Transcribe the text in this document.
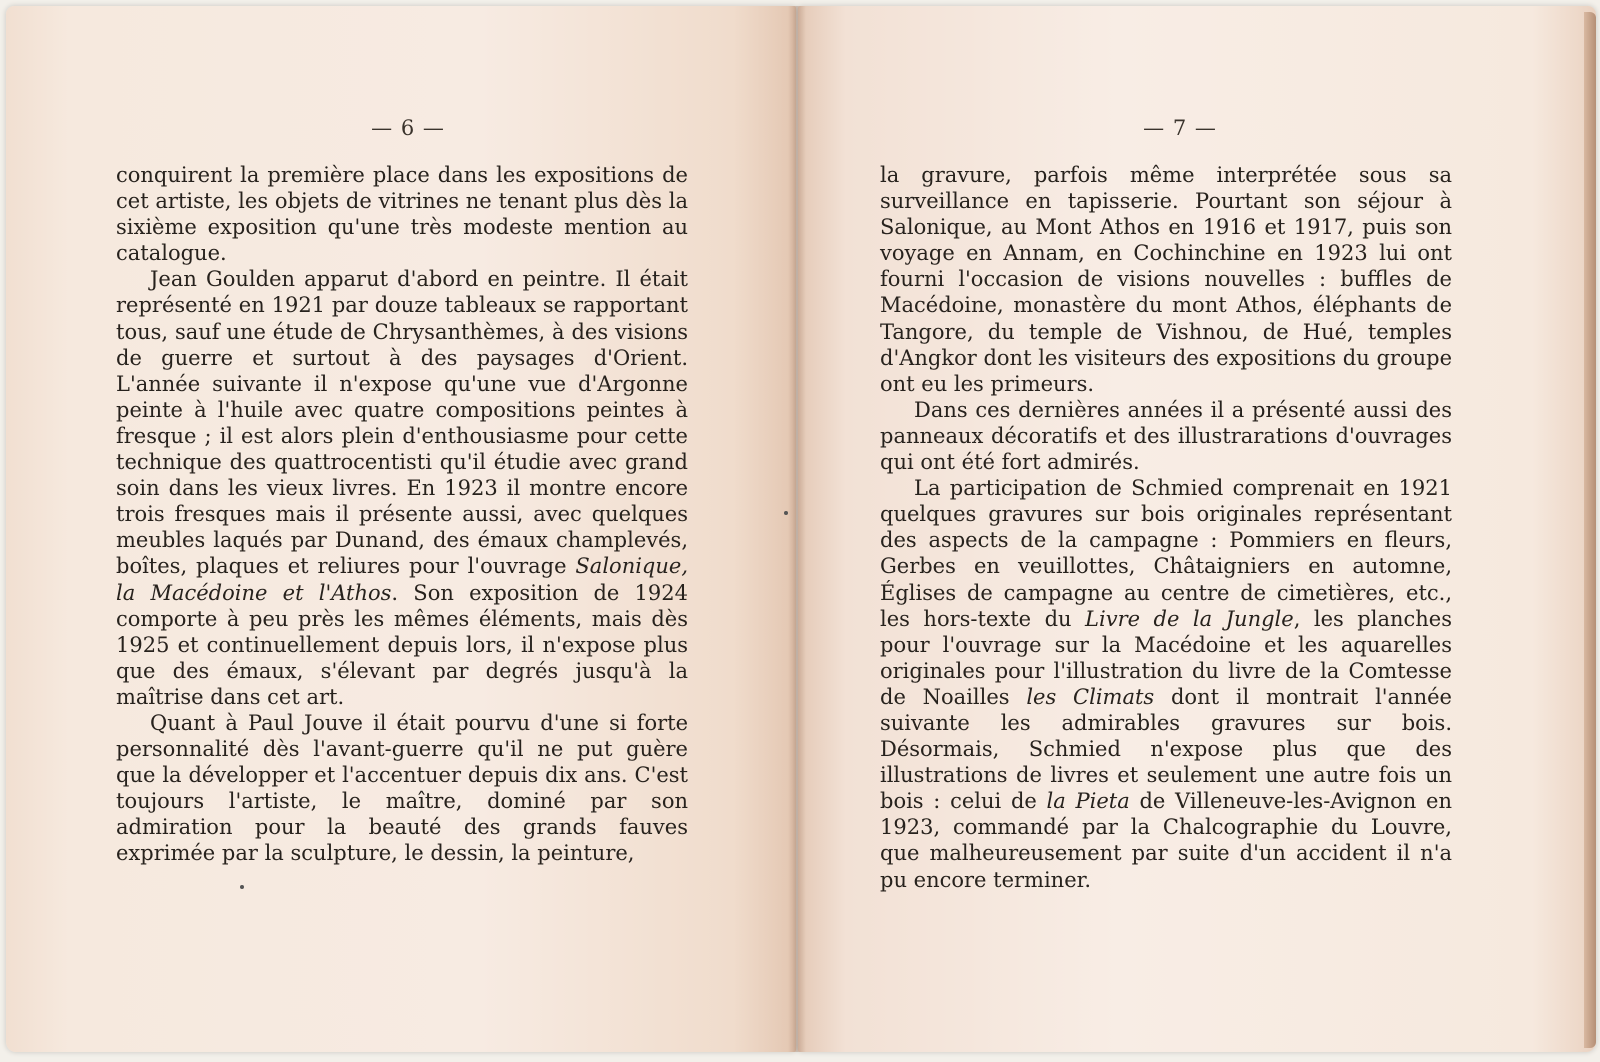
— 6 —	— 7 —

conquirent la première place dans les expositions de cet artiste, les objets de vitrines ne tenant plus dès la sixième exposition qu'une très modeste mention au catalogue.

Jean Goulden apparut d'abord en peintre. Il était représenté en 1921 par douze tableaux se rapportant tous, sauf une étude de Chrysanthèmes, à des visions de guerre et surtout à des paysages d'Orient. L'année suivante il n'expose qu'une vue d'Argonne peinte à l'huile avec quatre compositions peintes à fresque ; il est alors plein d'enthousiasme pour cette technique des quattrocentisti qu'il étudie avec grand soin dans les vieux livres. En 1923 il montre encore trois fresques mais il présente aussi, avec quelques meubles laqués par Dunand, des émaux champlevés, boîtes, plaques et reliures pour l'ouvrage Salonique, la Macédoine et l'Athos. Son exposition de 1924 comporte à peu près les mêmes éléments, mais dès 1925 et continuellement depuis lors, il n'expose plus que des émaux, s'élevant par degrés jusqu'à la maîtrise dans cet art.

Quant à Paul Jouve il était pourvu d'une si forte personnalité dès l'avant-guerre qu'il ne put guère que la développer et l'accentuer depuis dix ans. C'est toujours l'artiste, le maître, dominé par son admiration pour la beauté des grands fauves exprimée par la sculpture, le dessin, la peinture,

la gravure, parfois même interprétée sous sa surveillance en tapisserie. Pourtant son séjour à Salonique, au Mont Athos en 1916 et 1917, puis son voyage en Annam, en Cochinchine en 1923 lui ont fourni l'occasion de visions nouvelles : buffles de Macédoine, monastère du mont Athos, éléphants de Tangore, du temple de Vishnou, de Hué, temples d'Angkor dont les visiteurs des expositions du groupe ont eu les primeurs.

Dans ces dernières années il a présenté aussi des panneaux décoratifs et des illustrarations d'ouvrages qui ont été fort admirés.

La participation de Schmied comprenait en 1921 quelques gravures sur bois originales représentant des aspects de la campagne : Pommiers en fleurs, Gerbes en veuillottes, Châtaigniers en automne, Églises de campagne au centre de cimetières, etc., les hors-texte du Livre de la Jungle, les planches pour l'ouvrage sur la Macédoine et les aquarelles originales pour l'illustration du livre de la Comtesse de Noailles les Climats dont il montrait l'année suivante les admirables gravures sur bois. Désormais, Schmied n'expose plus que des illustrations de livres et seulement une autre fois un bois : celui de la Pieta de Villeneuve-les-Avignon en 1923, commandé par la Chalcographie du Louvre, que malheureusement par suite d'un accident il n'a pu encore terminer.
